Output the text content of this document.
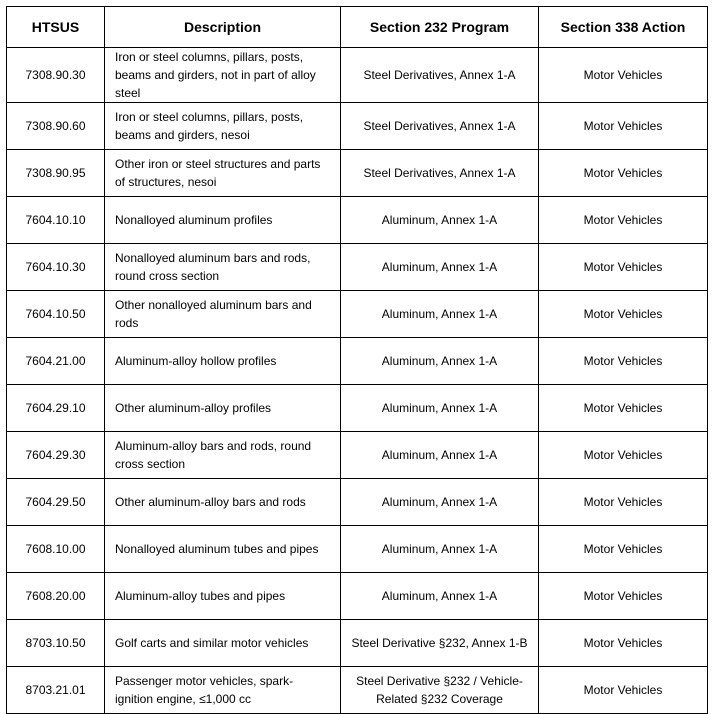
HTSUS	Description	Section 232 Program	Section 338 Action
7308.90.30	Iron or steel columns, pillars, posts, beams and girders, not in part of alloy steel	Steel Derivatives, Annex 1-A	Motor Vehicles
7308.90.60	Iron or steel columns, pillars, posts, beams and girders, nesoi	Steel Derivatives, Annex 1-A	Motor Vehicles
7308.90.95	Other iron or steel structures and parts of structures, nesoi	Steel Derivatives, Annex 1-A	Motor Vehicles
7604.10.10	Nonalloyed aluminum profiles	Aluminum, Annex 1-A	Motor Vehicles
7604.10.30	Nonalloyed aluminum bars and rods, round cross section	Aluminum, Annex 1-A	Motor Vehicles
7604.10.50	Other nonalloyed aluminum bars and rods	Aluminum, Annex 1-A	Motor Vehicles
7604.21.00	Aluminum-alloy hollow profiles	Aluminum, Annex 1-A	Motor Vehicles
7604.29.10	Other aluminum-alloy profiles	Aluminum, Annex 1-A	Motor Vehicles
7604.29.30	Aluminum-alloy bars and rods, round cross section	Aluminum, Annex 1-A	Motor Vehicles
7604.29.50	Other aluminum-alloy bars and rods	Aluminum, Annex 1-A	Motor Vehicles
7608.10.00	Nonalloyed aluminum tubes and pipes	Aluminum, Annex 1-A	Motor Vehicles
7608.20.00	Aluminum-alloy tubes and pipes	Aluminum, Annex 1-A	Motor Vehicles
8703.10.50	Golf carts and similar motor vehicles	Steel Derivative §232, Annex 1-B	Motor Vehicles
8703.21.01	Passenger motor vehicles, spark-ignition engine, ≤1,000 cc	Steel Derivative §232 / Vehicle-Related §232 Coverage	Motor Vehicles
